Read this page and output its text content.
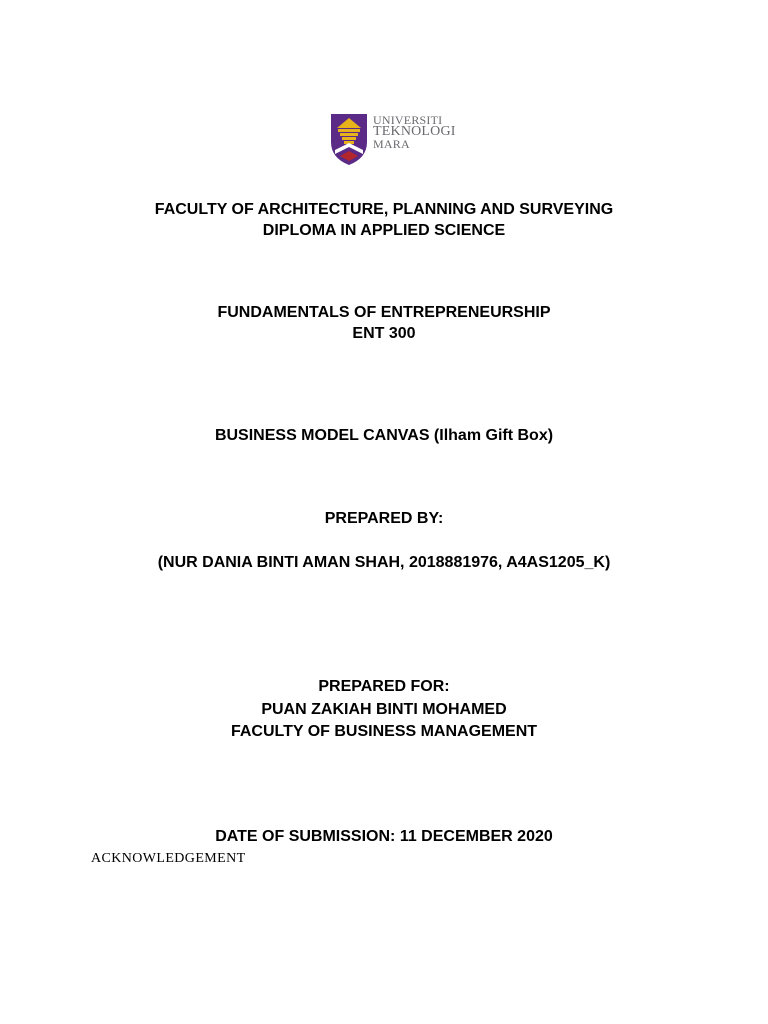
UNIVERSITI
TEKNOLOGI
MARA
FACULTY OF ARCHITECTURE, PLANNING AND SURVEYING
DIPLOMA IN APPLIED SCIENCE
FUNDAMENTALS OF ENTREPRENEURSHIP
ENT 300
BUSINESS MODEL CANVAS (Ilham Gift Box)
PREPARED BY:
(NUR DANIA BINTI AMAN SHAH, 2018881976, A4AS1205_K)
PREPARED FOR:
PUAN ZAKIAH BINTI MOHAMED
FACULTY OF BUSINESS MANAGEMENT
DATE OF SUBMISSION: 11 DECEMBER 2020
ACKNOWLEDGEMENT
